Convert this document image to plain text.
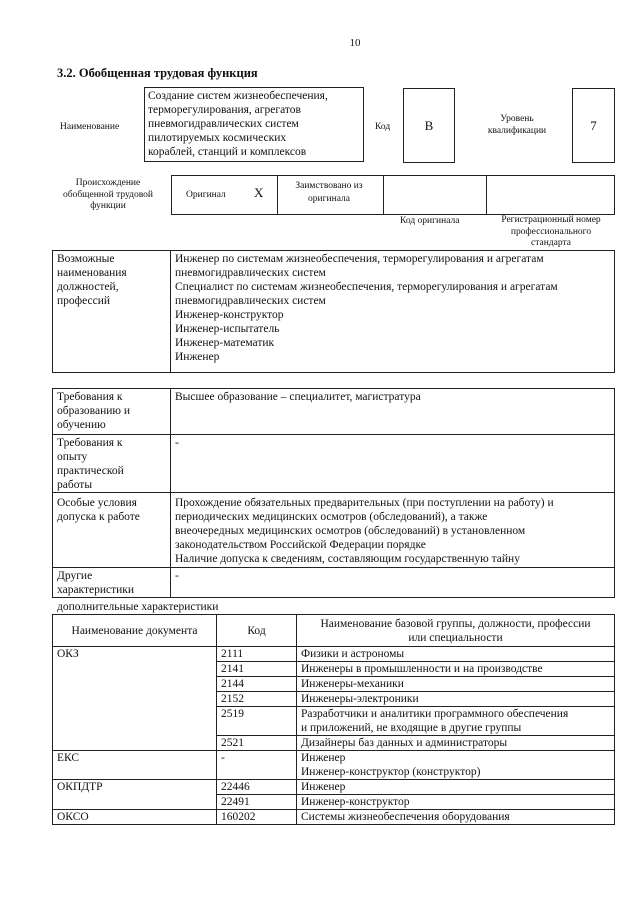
10
3.2. Обобщенная трудовая функция
Наименование
Создание систем жизнеобеспечения,
терморегулирования, агрегатов
пневмогидравлических систем
пилотируемых космических
кораблей, станций и комплексов
Код	B	Уровень
квалификации	7
Происхождение
обобщенной трудовой
функции
Оригинал X	Заимствовано из
оригинала
Код оригинала	Регистрационный номер
профессионального
стандарта
Возможные
наименования
должностей,
профессий

Инженер по системам жизнеобеспечения, терморегулирования и агрегатам
пневмогидравлических систем
Специалист по системам жизнеобеспечения, терморегулирования и агрегатам
пневмогидравлических систем
Инженер-конструктор
Инженер-испытатель
Инженер-математик
Инженер
Требования к
образованию и
обучению	Высшее образование – специалитет, магистратура

Требования к
опыту
практической
работы	-

Особые условия
допуска к работе	Прохождение обязательных предварительных (при поступлении на работу) и
периодических медицинских осмотров (обследований), а также
внеочередных медицинских осмотров (обследований) в установленном
законодательством Российской Федерации порядке
Наличие допуска к сведениям, составляющим государственную тайну

Другие
характеристики	-
дополнительные характеристики
Наименование документа	Код	Наименование базовой группы, должности, профессии
или специальности

ОКЗ	2111	Физики и астрономы
	2141	Инженеры в промышленности и на производстве
	2144	Инженеры-механики
	2152	Инженеры-электроники
	2519	Разработчики и аналитики программного обеспечения
и приложений, не входящие в другие группы

	2521	Дизайнеры баз данных и администраторы
ЕКС	-	Инженер
Инженер-конструктор (конструктор)

ОКПДТР	22446	Инженер
	22491	Инженер-конструктор
ОКСО	160202	Системы жизнеобеспечения оборудования
